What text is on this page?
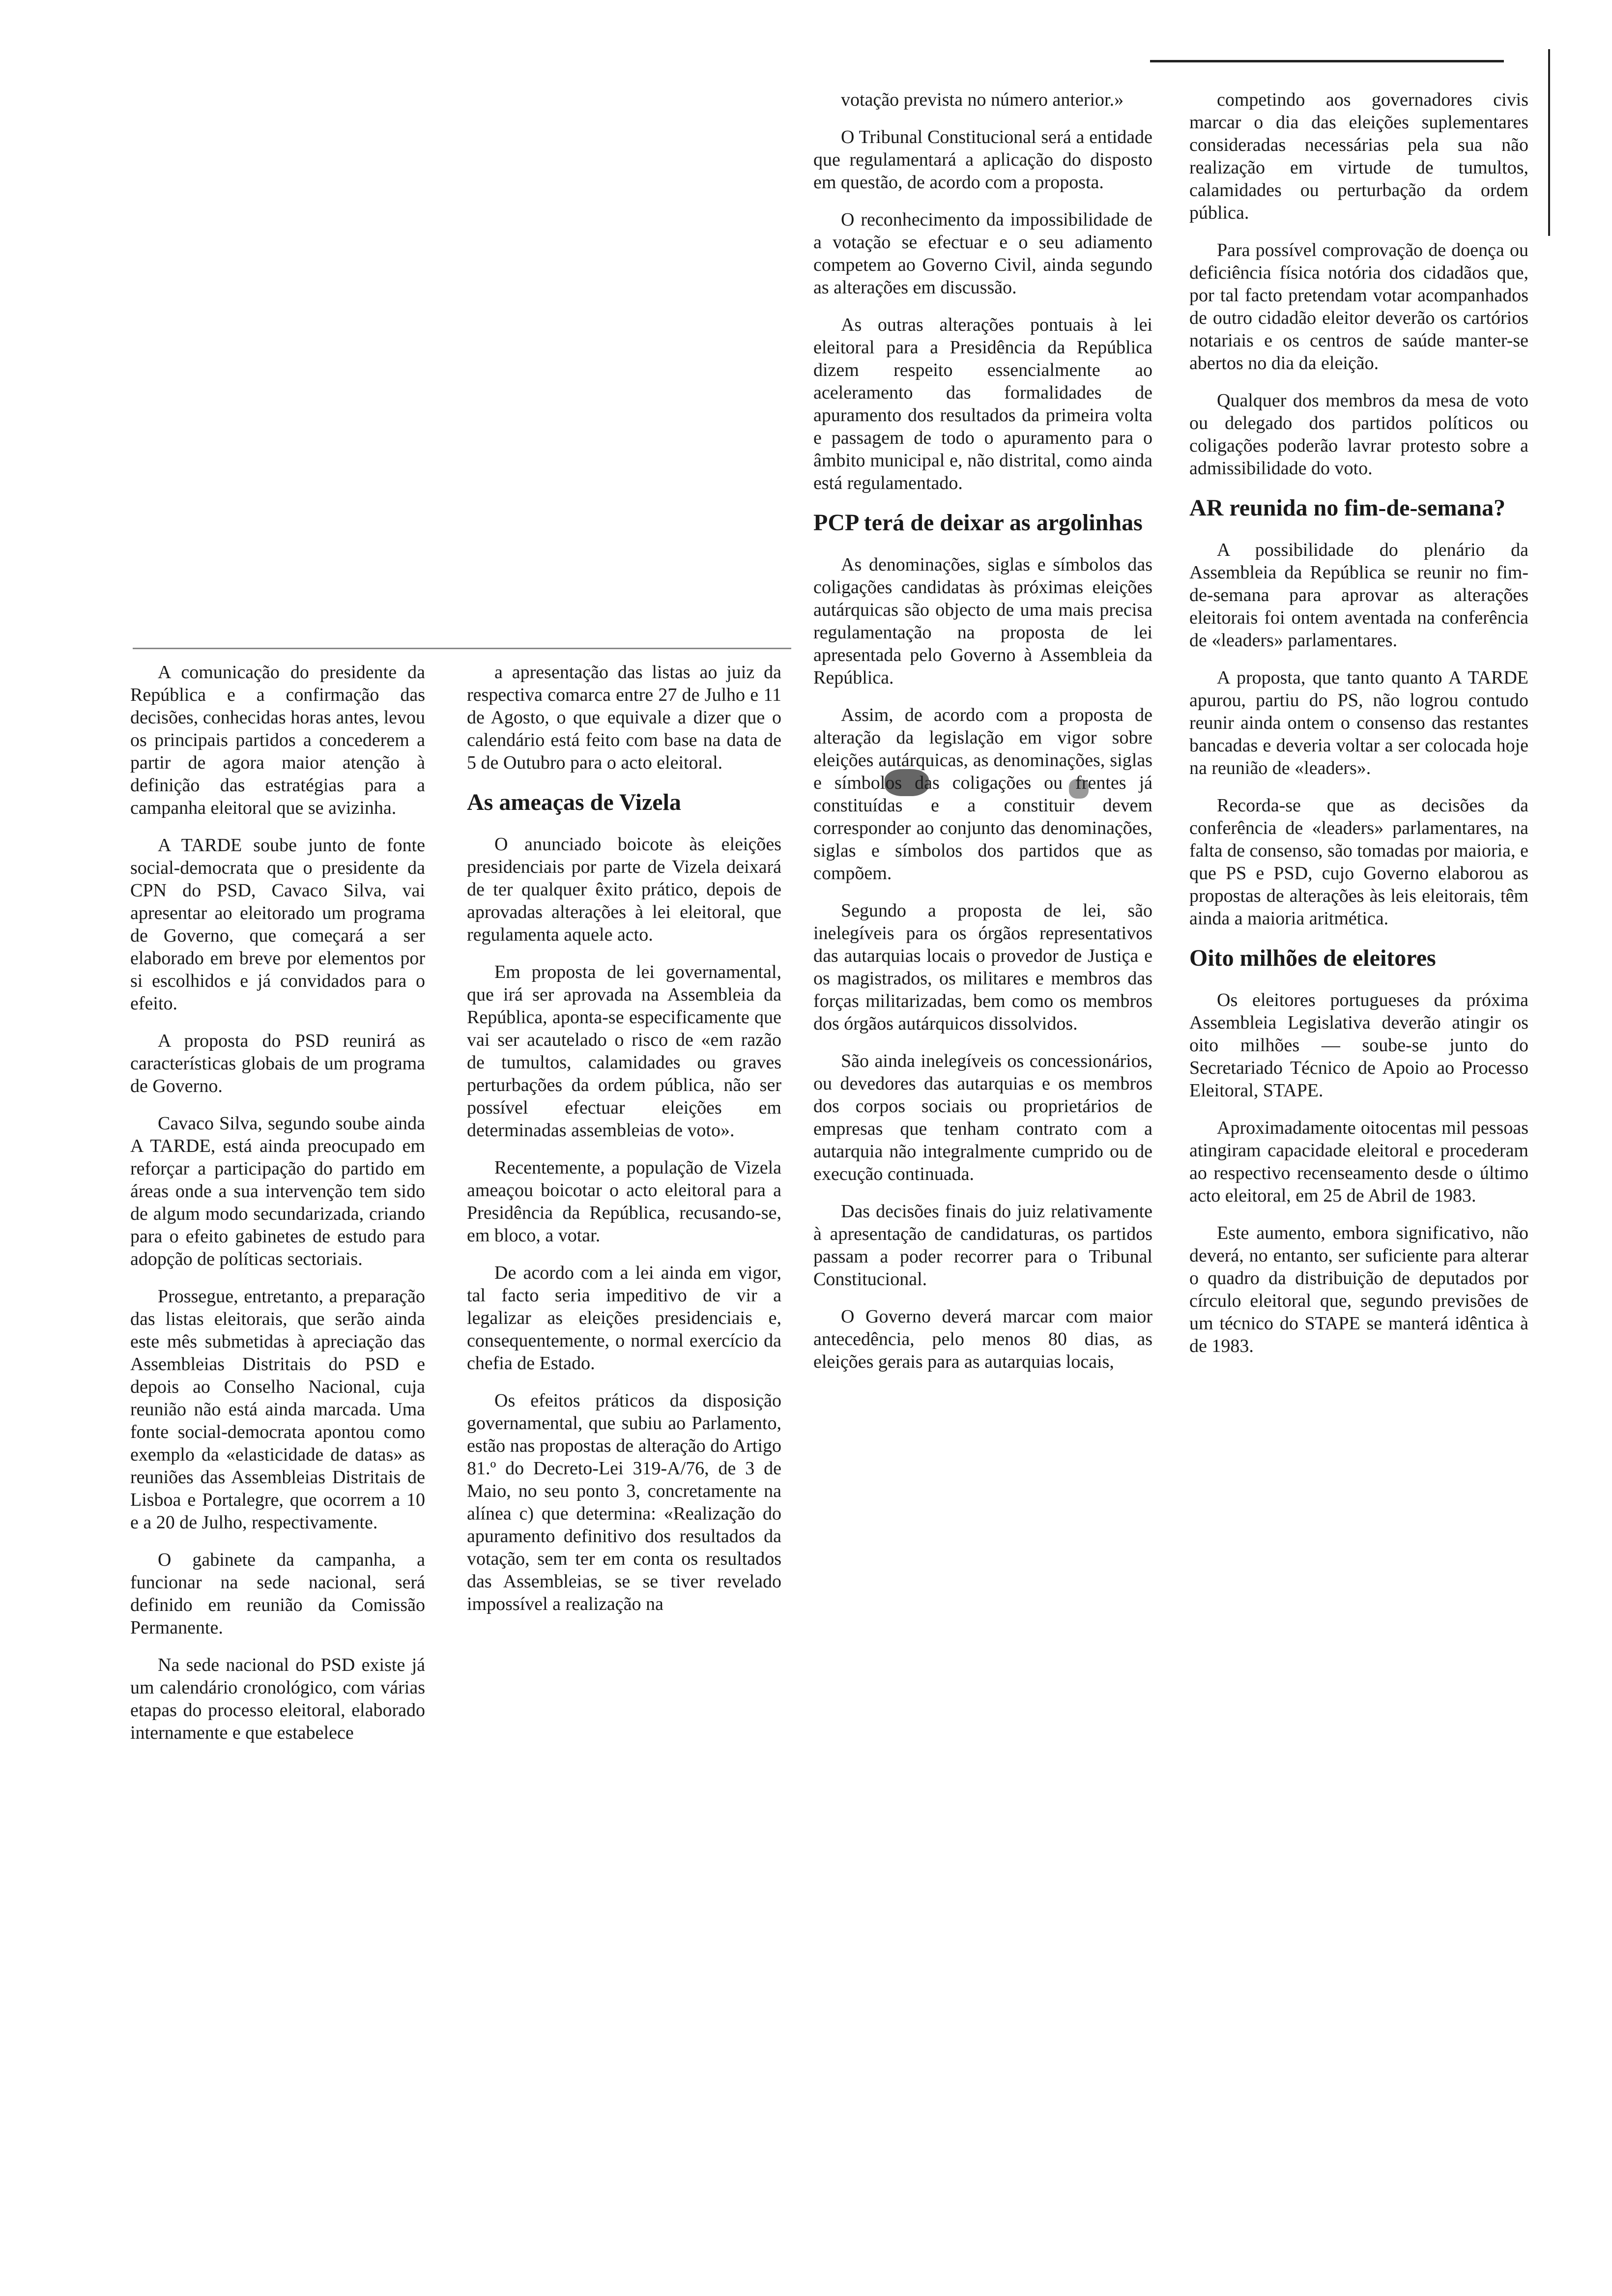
A comunicação do presidente da República e a confirmação das decisões, conhecidas horas antes, levou os principais partidos a concederem a partir de agora maior atenção à definição das estratégias para a campanha eleitoral que se avizinha.

A TARDE soube junto de fonte social-democrata que o presidente da CPN do PSD, Cavaco Silva, vai apresentar ao eleitorado um programa de Governo, que começará a ser elaborado em breve por elementos por si escolhidos e já convidados para o efeito.

A proposta do PSD reunirá as características globais de um programa de Governo.

Cavaco Silva, segundo soube ainda A TARDE, está ainda preocupado em reforçar a participação do partido em áreas onde a sua intervenção tem sido de algum modo secundarizada, criando para o efeito gabinetes de estudo para adopção de políticas sectoriais.

Prossegue, entretanto, a preparação das listas eleitorais, que serão ainda este mês submetidas à apreciação das Assembleias Distritais do PSD e depois ao Conselho Nacional, cuja reunião não está ainda marcada. Uma fonte social-democrata apontou como exemplo da «elasticidade de datas» as reuniões das Assembleias Distritais de Lisboa e Portalegre, que ocorrem a 10 e a 20 de Julho, respectivamente.

O gabinete da campanha, a funcionar na sede nacional, será definido em reunião da Comissão Permanente.

Na sede nacional do PSD existe já um calendário cronológico, com várias etapas do processo eleitoral, elaborado internamente e que estabelece

a apresentação das listas ao juiz da respectiva comarca entre 27 de Julho e 11 de Agosto, o que equivale a dizer que o calendário está feito com base na data de 5 de Outubro para o acto eleitoral.

As ameaças de Vizela

O anunciado boicote às eleições presidenciais por parte de Vizela deixará de ter qualquer êxito prático, depois de aprovadas alterações à lei eleitoral, que regulamenta aquele acto.

Em proposta de lei governamental, que irá ser aprovada na Assembleia da República, aponta-se especificamente que vai ser acautelado o risco de «em razão de tumultos, calamidades ou graves perturbações da ordem pública, não ser possível efectuar eleições em determinadas assembleias de voto».

Recentemente, a população de Vizela ameaçou boicotar o acto eleitoral para a Presidência da República, recusando-se, em bloco, a votar.

De acordo com a lei ainda em vigor, tal facto seria impeditivo de vir a legalizar as eleições presidenciais e, consequentemente, o normal exercício da chefia de Estado.

Os efeitos práticos da disposição governamental, que subiu ao Parlamento, estão nas propostas de alteração do Artigo 81.º do Decreto-Lei 319-A/76, de 3 de Maio, no seu ponto 3, concretamente na alínea c) que determina: «Realização do apuramento definitivo dos resultados da votação, sem ter em conta os resultados das Assembleias, se se tiver revelado impossível a realização na

votação prevista no número anterior.»

O Tribunal Constitucional será a entidade que regulamentará a aplicação do disposto em questão, de acordo com a proposta.

O reconhecimento da impossibilidade de a votação se efectuar e o seu adiamento competem ao Governo Civil, ainda segundo as alterações em discussão.

As outras alterações pontuais à lei eleitoral para a Presidência da República dizem respeito essencialmente ao aceleramento das formalidades de apuramento dos resultados da primeira volta e passagem de todo o apuramento para o âmbito municipal e, não distrital, como ainda está regulamentado.

PCP terá de deixar as argolinhas

As denominações, siglas e símbolos das coligações candidatas às próximas eleições autárquicas são objecto de uma mais precisa regulamentação na proposta de lei apresentada pelo Governo à Assembleia da República.

Assim, de acordo com a proposta de alteração da legislação em vigor sobre eleições autárquicas, as denominações, siglas e símbolos das coligações ou frentes já constituídas e a constituir devem corresponder ao conjunto das denominações, siglas e símbolos dos partidos que as compõem.

Segundo a proposta de lei, são inelegíveis para os órgãos representativos das autarquias locais o provedor de Justiça e os magistrados, os militares e membros das forças militarizadas, bem como os membros dos órgãos autárquicos dissolvidos.

São ainda inelegíveis os concessionários, ou devedores das autarquias e os membros dos corpos sociais ou proprietários de empresas que tenham contrato com a autarquia não integralmente cumprido ou de execução continuada.

Das decisões finais do juiz relativamente à apresentação de candidaturas, os partidos passam a poder recorrer para o Tribunal Constitucional.

O Governo deverá marcar com maior antecedência, pelo menos 80 dias, as eleições gerais para as autarquias locais,

competindo aos governadores civis marcar o dia das eleições suplementares consideradas necessárias pela sua não realização em virtude de tumultos, calamidades ou perturbação da ordem pública.

Para possível comprovação de doença ou deficiência física notória dos cidadãos que, por tal facto pretendam votar acompanhados de outro cidadão eleitor deverão os cartórios notariais e os centros de saúde manter-se abertos no dia da eleição.

Qualquer dos membros da mesa de voto ou delegado dos partidos políticos ou coligações poderão lavrar protesto sobre a admissibilidade do voto.

AR reunida no fim-de-semana?

A possibilidade do plenário da Assembleia da República se reunir no fim-de-semana para aprovar as alterações eleitorais foi ontem aventada na conferência de «leaders» parlamentares.

A proposta, que tanto quanto A TARDE apurou, partiu do PS, não logrou contudo reunir ainda ontem o consenso das restantes bancadas e deveria voltar a ser colocada hoje na reunião de «leaders».

Recorda-se que as decisões da conferência de «leaders» parlamentares, na falta de consenso, são tomadas por maioria, e que PS e PSD, cujo Governo elaborou as propostas de alterações às leis eleitorais, têm ainda a maioria aritmética.

Oito milhões de eleitores

Os eleitores portugueses da próxima Assembleia Legislativa deverão atingir os oito milhões — soube-se junto do Secretariado Técnico de Apoio ao Processo Eleitoral, STAPE.

Aproximadamente oitocentas mil pessoas atingiram capacidade eleitoral e procederam ao respectivo recenseamento desde o último acto eleitoral, em 25 de Abril de 1983.

Este aumento, embora significativo, não deverá, no entanto, ser suficiente para alterar o quadro da distribuição de deputados por círculo eleitoral que, segundo previsões de um técnico do STAPE se manterá idêntica à de 1983.
